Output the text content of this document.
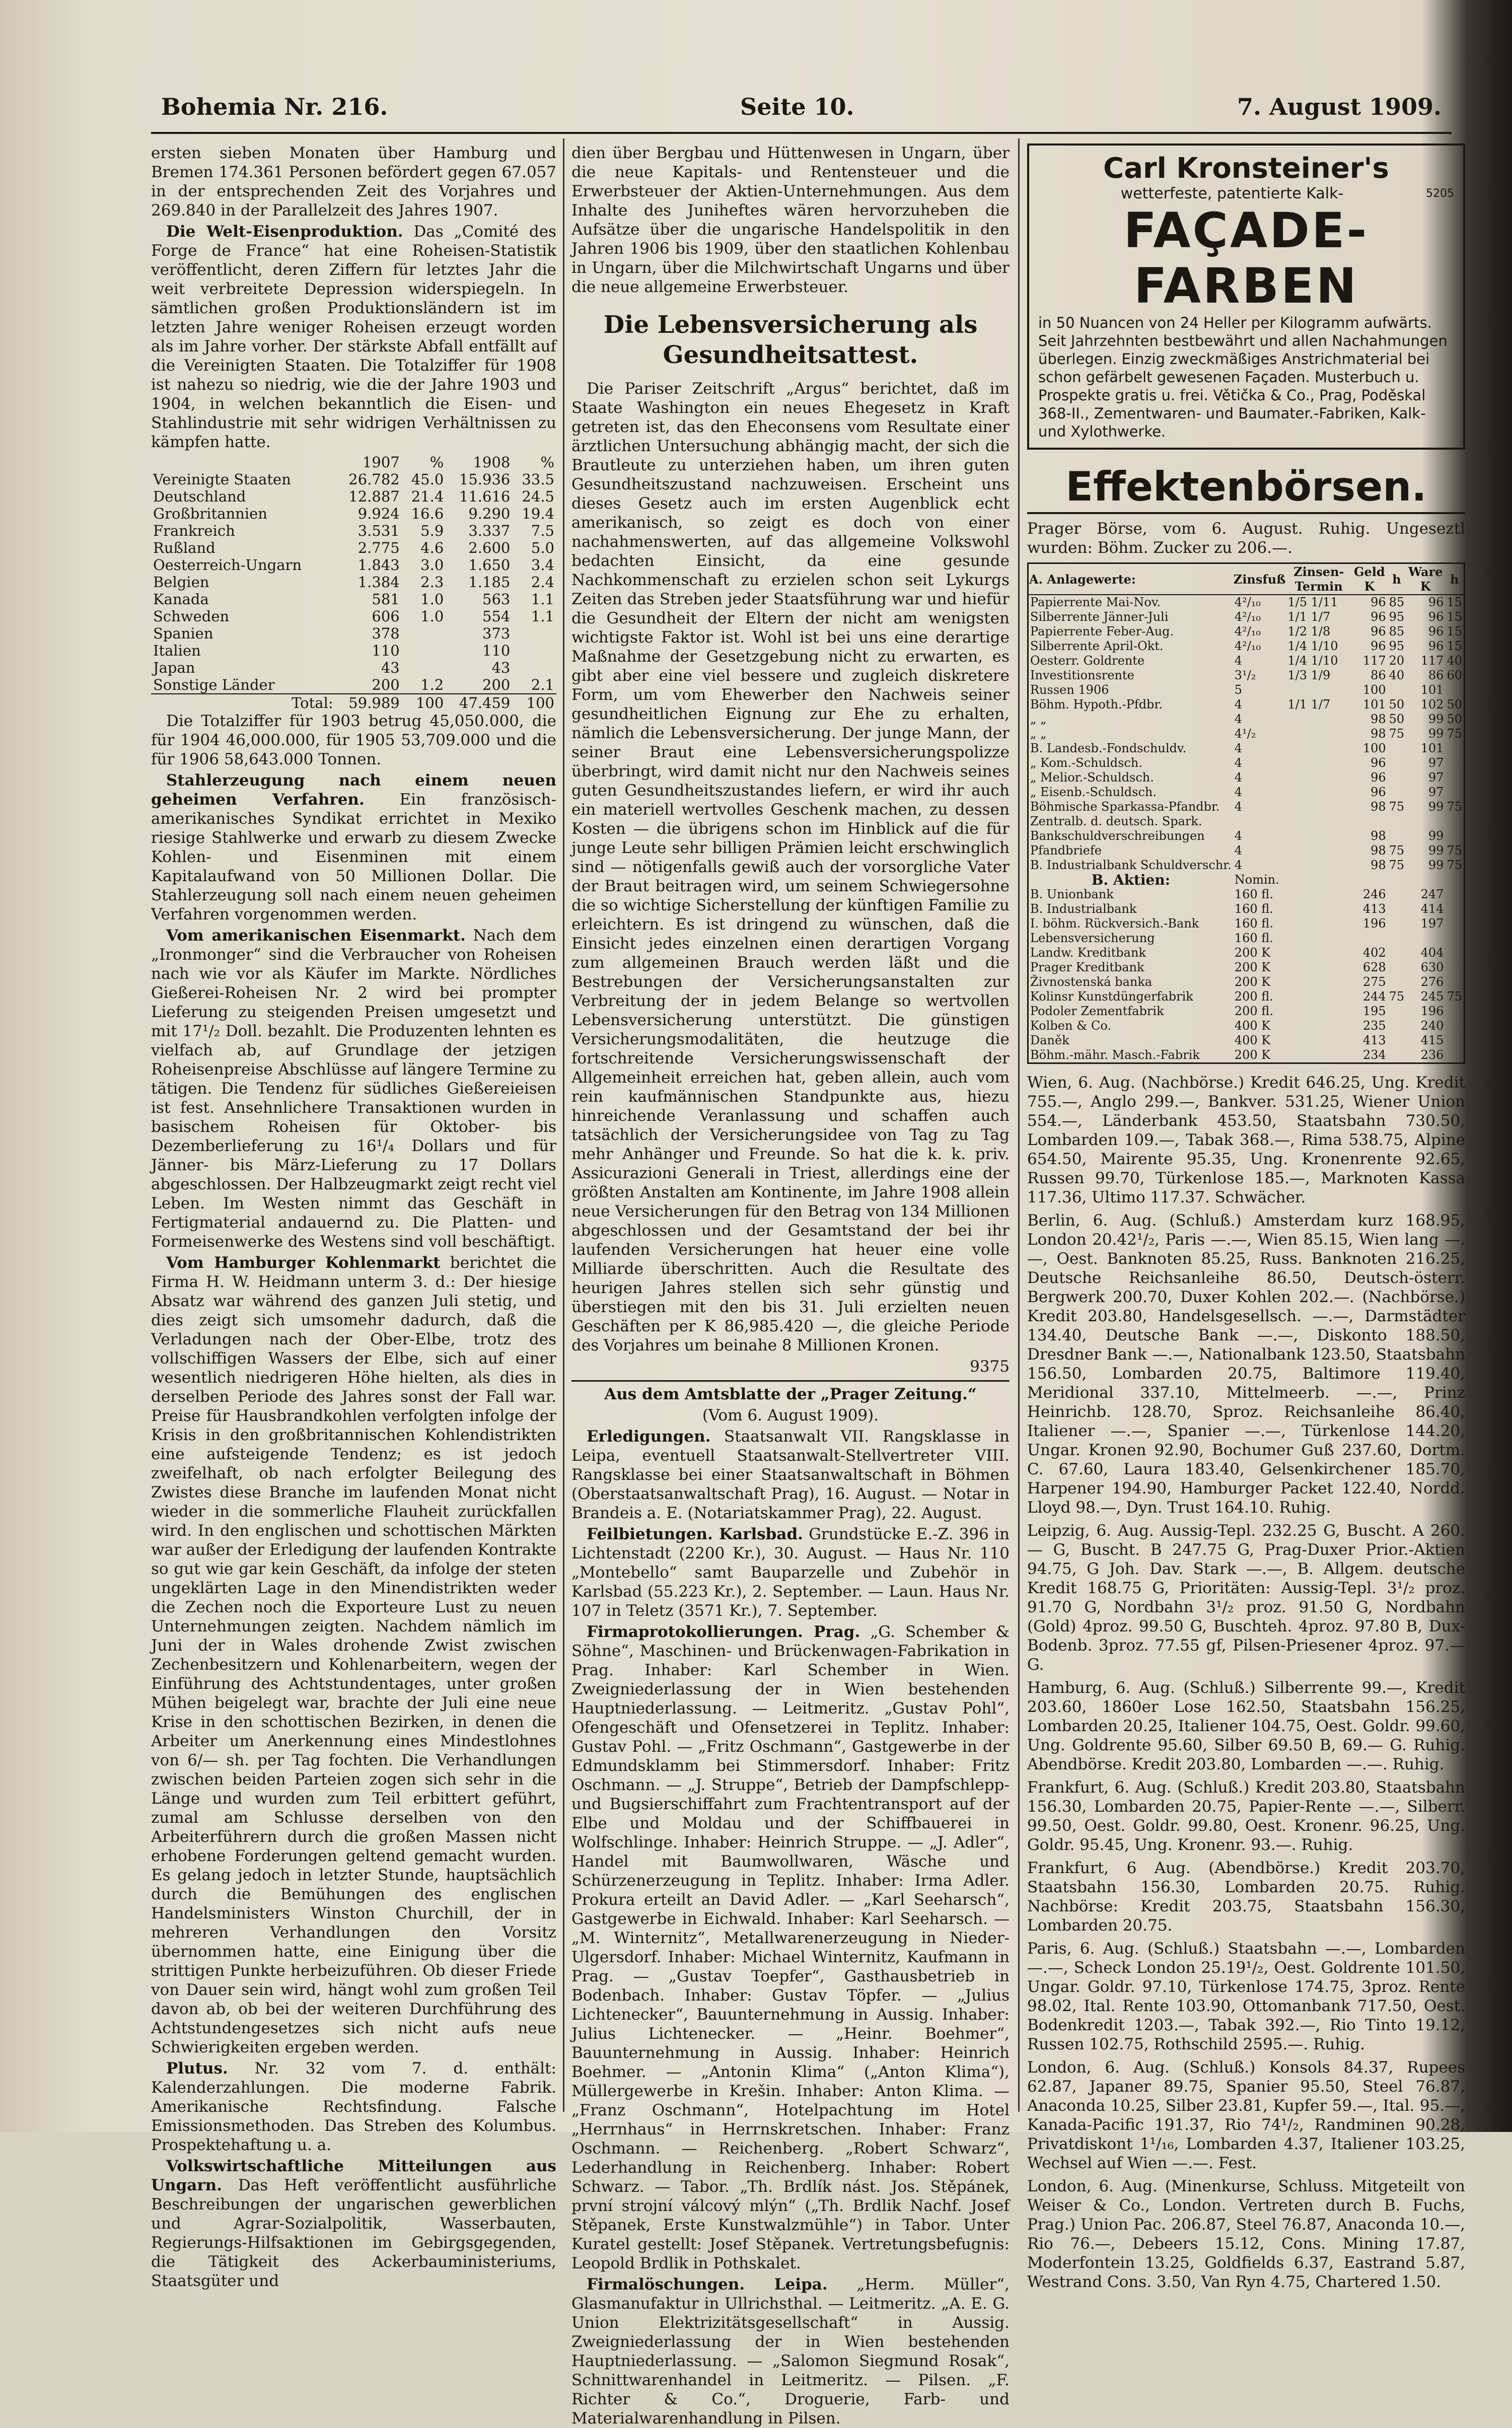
Bohemia Nr. 216.	Seite 10.	7. August 1909.

ersten sieben Monaten über Hamburg und Bremen 174.361 Personen befördert gegen 67.057 in der entsprechenden Zeit des Vorjahres und 269.840 in der Parallelzeit des Jahres 1907.

Die Welt-Eisenproduktion. Das „Comité des Forge de France“ hat eine Roheisen-Statistik veröffentlicht, deren Ziffern für letztes Jahr die weit verbreitete Depression widerspiegeln. In sämtlichen großen Produktionsländern ist im letzten Jahre weniger Roheisen erzeugt worden als im Jahre vorher. Der stärkste Abfall entfällt auf die Vereinigten Staaten. Die Totalziffer für 1908 ist nahezu so niedrig, wie die der Jahre 1903 und 1904, in welchen bekanntlich die Eisen- und Stahlindustrie mit sehr widrigen Verhältnissen zu kämpfen hatte.

	1907	%	1908	%
Vereinigte Staaten	26.782	45.0	15.936	33.5
Deutschland	12.887	21.4	11.616	24.5
Großbritannien	9.924	16.6	9.290	19.4
Frankreich	3.531	5.9	3.337	7.5
Rußland	2.775	4.6	2.600	5.0
Oesterreich-Ungarn	1.843	3.0	1.650	3.4
Belgien	1.384	2.3	1.185	2.4
Kanada	581	1.0	563	1.1
Schweden	606	1.0	554	1.1
Spanien	378		373	
Italien	110		110	
Japan	43		43	
Sonstige Länder	200	1.2	200	2.1
Total:	59.989	100	47.459	100

Die Totalziffer für 1903 betrug 45,050.000, die für 1904 46,000.000, für 1905 53,709.000 und die für 1906 58,643.000 Tonnen.

Stahlerzeugung nach einem neuen geheimen Verfahren. Ein französisch-amerikanisches Syndikat errichtet in Mexiko riesige Stahlwerke und erwarb zu diesem Zwecke Kohlen- und Eisenminen mit einem Kapitalaufwand von 50 Millionen Dollar. Die Stahlerzeugung soll nach einem neuen geheimen Verfahren vorgenommen werden.

Vom amerikanischen Eisenmarkt. Nach dem „Ironmonger“ sind die Verbraucher von Roheisen nach wie vor als Käufer im Markte. Nördliches Gießerei-Roheisen Nr. 2 wird bei prompter Lieferung zu steigenden Preisen umgesetzt und mit 17¹/₂ Doll. bezahlt. Die Produzenten lehnten es vielfach ab, auf Grundlage der jetzigen Roheisenpreise Abschlüsse auf längere Termine zu tätigen. Die Tendenz für südliches Gießereieisen ist fest. Ansehnlichere Transaktionen wurden in basischem Roheisen für Oktober- bis Dezemberlieferung zu 16¹/₄ Dollars und für Jänner- bis März-Lieferung zu 17 Dollars abgeschlossen. Der Halbzeugmarkt zeigt recht viel Leben. Im Westen nimmt das Geschäft in Fertigmaterial andauernd zu. Die Platten- und Formeisenwerke des Westens sind voll beschäftigt.

Vom Hamburger Kohlenmarkt berichtet die Firma H. W. Heidmann unterm 3. d.: Der hiesige Absatz war während des ganzen Juli stetig, und dies zeigt sich umsomehr dadurch, daß die Verladungen nach der Ober-Elbe, trotz des vollschiffigen Wassers der Elbe, sich auf einer wesentlich niedrigeren Höhe hielten, als dies in derselben Periode des Jahres sonst der Fall war. Preise für Hausbrandkohlen verfolgten infolge der Krisis in den großbritannischen Kohlendistrikten eine aufsteigende Tendenz; es ist jedoch zweifelhaft, ob nach erfolgter Beilegung des Zwistes diese Branche im laufenden Monat nicht wieder in die sommerliche Flauheit zurückfallen wird. In den englischen und schottischen Märkten war außer der Erledigung der laufenden Kontrakte so gut wie gar kein Geschäft, da infolge der steten ungeklärten Lage in den Minendistrikten weder die Zechen noch die Exporteure Lust zu neuen Unternehmungen zeigten. Nachdem nämlich im Juni der in Wales drohende Zwist zwischen Zechenbesitzern und Kohlenarbeitern, wegen der Einführung des Achtstundentages, unter großen Mühen beigelegt war, brachte der Juli eine neue Krise in den schottischen Bezirken, in denen die Arbeiter um Anerkennung eines Mindestlohnes von 6/— sh. per Tag fochten. Die Verhandlungen zwischen beiden Parteien zogen sich sehr in die Länge und wurden zum Teil erbittert geführt, zumal am Schlusse derselben von den Arbeiterführern durch die großen Massen nicht erhobene Forderungen geltend gemacht wurden. Es gelang jedoch in letzter Stunde, hauptsächlich durch die Bemühungen des englischen Handelsministers Winston Churchill, der in mehreren Verhandlungen den Vorsitz übernommen hatte, eine Einigung über die strittigen Punkte herbeizuführen. Ob dieser Friede von Dauer sein wird, hängt wohl zum großen Teil davon ab, ob bei der weiteren Durchführung des Achtstundengesetzes sich nicht aufs neue Schwierigkeiten ergeben werden.

Plutus. Nr. 32 vom 7. d. enthält: Kalenderzahlungen. Die moderne Fabrik. Amerikanische Rechtsfindung. Falsche Emissionsmethoden. Das Streben des Kolumbus. Prospektehaftung u. a.

Volkswirtschaftliche Mitteilungen aus Ungarn. Das Heft veröffentlicht ausführliche Beschreibungen der ungarischen gewerblichen und Agrar-Sozialpolitik, Wasserbauten, Regierungs-Hilfsaktionen im Gebirgsgegenden, die Tätigkeit des Ackerbauministeriums, Staatsgüter und

dien über Bergbau und Hüttenwesen in Ungarn, über die neue Kapitals- und Rentensteuer und die Erwerbsteuer der Aktien-Unternehmungen. Aus dem Inhalte des Juniheftes wären hervorzuheben die Aufsätze über die ungarische Handelspolitik in den Jahren 1906 bis 1909, über den staatlichen Kohlenbau in Ungarn, über die Milchwirtschaft Ungarns und über die neue allgemeine Erwerbsteuer.

Die Lebensversicherung als Gesundheitsattest.

Die Pariser Zeitschrift „Argus“ berichtet, daß im Staate Washington ein neues Ehegesetz in Kraft getreten ist, das den Eheconsens vom Resultate einer ärztlichen Untersuchung abhängig macht, der sich die Brautleute zu unterziehen haben, um ihren guten Gesundheitszustand nachzuweisen. Erscheint uns dieses Gesetz auch im ersten Augenblick echt amerikanisch, so zeigt es doch von einer nachahmenswerten, auf das allgemeine Volkswohl bedachten Einsicht, da eine gesunde Nachkommenschaft zu erzielen schon seit Lykurgs Zeiten das Streben jeder Staatsführung war und hiefür die Gesundheit der Eltern der nicht am wenigsten wichtigste Faktor ist. Wohl ist bei uns eine derartige Maßnahme der Gesetzgebung nicht zu erwarten, es gibt aber eine viel bessere und zugleich diskretere Form, um vom Ehewerber den Nachweis seiner gesundheitlichen Eignung zur Ehe zu erhalten, nämlich die Lebensversicherung. Der junge Mann, der seiner Braut eine Lebensversicherungspolizze überbringt, wird damit nicht nur den Nachweis seines guten Gesundheitszustandes liefern, er wird ihr auch ein materiell wertvolles Geschenk machen, zu dessen Kosten — die übrigens schon im Hinblick auf die für junge Leute sehr billigen Prämien leicht erschwinglich sind — nötigenfalls gewiß auch der vorsorgliche Vater der Braut beitragen wird, um seinem Schwiegersohne die so wichtige Sicherstellung der künftigen Familie zu erleichtern. Es ist dringend zu wünschen, daß die Einsicht jedes einzelnen einen derartigen Vorgang zum allgemeinen Brauch werden läßt und die Bestrebungen der Versicherungsanstalten zur Verbreitung der in jedem Belange so wertvollen Lebensversicherung unterstützt. Die günstigen Versicherungsmodalitäten, die heutzuge die fortschreitende Versicherungswissenschaft der Allgemeinheit erreichen hat, geben allein, auch vom rein kaufmännischen Standpunkte aus, hiezu hinreichende Veranlassung und schaffen auch tatsächlich der Versicherungsidee von Tag zu Tag mehr Anhänger und Freunde. So hat die k. k. priv. Assicurazioni Generali in Triest, allerdings eine der größten Anstalten am Kontinente, im Jahre 1908 allein neue Versicherungen für den Betrag von 134 Millionen abgeschlossen und der Gesamtstand der bei ihr laufenden Versicherungen hat heuer eine volle Milliarde überschritten. Auch die Resultate des heurigen Jahres stellen sich sehr günstig und überstiegen mit den bis 31. Juli erzielten neuen Geschäften per K 86,985.420 —, die gleiche Periode des Vorjahres um beinahe 8 Millionen Kronen.

9375

Aus dem Amtsblatte der „Prager Zeitung.“

(Vom 6. August 1909).

Erledigungen. Staatsanwalt VII. Rangsklasse in Leipa, eventuell Staatsanwalt-Stellvertreter VIII. Rangsklasse bei einer Staatsanwaltschaft in Böhmen (Oberstaatsanwaltschaft Prag), 16. August. — Notar in Brandeis a. E. (Notariatskammer Prag), 22. August.

Feilbietungen. Karlsbad. Grundstücke E.-Z. 396 in Lichtenstadt (2200 Kr.), 30. August. — Haus Nr. 110 „Montebello“ samt Bauparzelle und Zubehör in Karlsbad (55.223 Kr.), 2. September. — Laun. Haus Nr. 107 in Teletz (3571 Kr.), 7. September.

Firmaprotokollierungen. Prag. „G. Schember & Söhne“, Maschinen- und Brückenwagen-Fabrikation in Prag. Inhaber: Karl Schember in Wien. Zweigniederlassung der in Wien bestehenden Hauptniederlassung. — Leitmeritz. „Gustav Pohl“, Ofengeschäft und Ofensetzerei in Teplitz. Inhaber: Gustav Pohl. — „Fritz Oschmann“, Gastgewerbe in der Edmundsklamm bei Stimmersdorf. Inhaber: Fritz Oschmann. — „J. Struppe“, Betrieb der Dampfschlepp- und Bugsierschiffahrt zum Frachtentransport auf der Elbe und Moldau und der Schiffbauerei in Wolfschlinge. Inhaber: Heinrich Struppe. — „J. Adler“, Handel mit Baumwollwaren, Wäsche und Schürzenerzeugung in Teplitz. Inhaber: Irma Adler. Prokura erteilt an David Adler. — „Karl Seeharsch“, Gastgewerbe in Eichwald. Inhaber: Karl Seeharsch. — „M. Winternitz“, Metallwarenerzeugung in Nieder-Ulgersdorf. Inhaber: Michael Winternitz, Kaufmann in Prag. — „Gustav Toepfer“, Gasthausbetrieb in Bodenbach. Inhaber: Gustav Töpfer. — „Julius Lichtenecker“, Bauunternehmung in Aussig. Inhaber: Julius Lichtenecker. — „Heinr. Boehmer“, Bauunternehmung in Aussig. Inhaber: Heinrich Boehmer. — „Antonin Klima“ („Anton Klima“), Müllergewerbe in Krešin. Inhaber: Anton Klima. — „Franz Oschmann“, Hotelpachtung im Hotel „Herrnhaus“ in Herrnskretschen. Inhaber: Franz Oschmann. — Reichenberg. „Robert Schwarz“, Lederhandlung in Reichenberg. Inhaber: Robert Schwarz. — Tabor. „Th. Brdlík nást. Jos. Stěpánek, první strojní válcový mlýn“ („Th. Brdlik Nachf. Josef Stěpanek, Erste Kunstwalzmühle“) in Tabor. Unter Kuratel gestellt: Josef Stěpanek. Vertretungsbefugnis: Leopold Brdlik in Pothskalet.

Firmalöschungen. Leipa. „Herm. Müller“, Glasmanufaktur in Ullrichsthal. — Leitmeritz. „A. E. G. Union Elektrizitätsgesellschaft“ in Aussig. Zweigniederlassung der in Wien bestehenden Hauptniederlassung. — „Salomon Siegmund Rosak“, Schnittwarenhandel in Leitmeritz. — Pilsen. „F. Richter & Co.“, Droguerie, Farb- und Materialwarenhandlung in Pilsen.

Carl Kronsteiner's
wetterfeste, patentierte Kalk-	5205
FAÇADE-FARBEN
in 50 Nuancen von 24 Heller per Kilogramm aufwärts. Seit Jahrzehnten bestbewährt und allen Nachahmungen überlegen. Einzig zweckmäßiges Anstrichmaterial bei schon gefärbelt gewesenen Façaden. Musterbuch u. Prospekte gratis u. frei. Větička & Co., Prag, Poděskal 368-II., Zementwaren- und Baumater.-Fabriken, Kalk- und Xylothwerke.
Effektenbörsen.

Prager Börse, vom 6. August. Ruhig. Ungeseztl wurden: Böhm. Zucker zu 206.—.

A. Anlagewerte:	Zinsfuß	Zinsen-Termin	Geld K	h	Ware K	h
Papierrente Mai-Nov.	4²/₁₀	1/5 1/11	96	85	96	15
Silberrente Jänner-Juli	4²/₁₀	1/1 1/7	96	95	96	15
Papierrente Feber-Aug.	4²/₁₀	1/2 1/8	96	85	96	15
Silberrente April-Okt.	4²/₁₀	1/4 1/10	96	95	96	15
Oesterr. Goldrente	4	1/4 1/10	117	20	117	40
Investitionsrente	3¹/₂	1/3 1/9	86	40	86	60
Russen 1906	5		100		101	
Böhm. Hypoth.-Pfdbr.	4	1/1 1/7	101	50	102	50
„ „	4		98	50	99	50
„ „	4¹/₂		98	75	99	75
B. Landesb.-Fondschuldv.	4		100		101	
„ Kom.-Schuldsch.	4		96		97	
„ Melior.-Schuldsch.	4		96		97	
„ Eisenb.-Schuldsch.	4		96		97	
Böhmische Sparkassa-Pfandbr.	4		98	75	99	75
Zentralb. d. deutsch. Spark.						
Bankschuldverschreibungen	4		98		99	
Pfandbriefe	4		98	75	99	75
B. Industrialbank Schuldverschr.	4		98	75	99	75
B. Aktien:	Nomin.					
B. Unionbank	160 fl.		246		247	
B. Industrialbank	160 fl.		413		414	
I. böhm. Rückversich.-Bank	160 fl.		196		197	
Lebensversicherung	160 fl.					
Landw. Kreditbank	200 K		402		404	
Prager Kreditbank	200 K		628		630	
Živnostenská banka	200 K		275		276	
Kolinsr Kunstdüngerfabrik	200 fl.		244	75	245	75
Podoler Zementfabrik	200 fl.		195		196	
Kolben & Co.	400 K		235		240	
Daněk	400 K		413		415	
Böhm.-mähr. Masch.-Fabrik	200 K		234		236	

Wien, 6. Aug. (Nachbörse.) Kredit 646.25, Ung. Kredit 755.—, Anglo 299.—, Bankver. 531.25, Wiener Union 554.—, Länderbank 453.50, Staatsbahn 730.50, Lombarden 109.—, Tabak 368.—, Rima 538.75, Alpine 654.50, Mairente 95.35, Ung. Kronenrente 92.65, Russen 99.70, Türkenlose 185.—, Marknoten Kassa 117.36, Ultimo 117.37. Schwächer.

Berlin, 6. Aug. (Schluß.) Amsterdam kurz 168.95, London 20.42¹/₂, Paris —.—, Wien 85.15, Wien lang —.—, Oest. Banknoten 85.25, Russ. Banknoten 216.25, Deutsche Reichsanleihe 86.50, Deutsch-österr. Bergwerk 200.70, Duxer Kohlen 202.—. (Nachbörse.) Kredit 203.80, Handelsgesellsch. —.—, Darmstädter 134.40, Deutsche Bank —.—, Diskonto 188.50, Dresdner Bank —.—, Nationalbank 123.50, Staatsbahn 156.50, Lombarden 20.75, Baltimore 119.40, Meridional 337.10, Mittelmeerb. —.—, Prinz Heinrichb. 128.70, Sproz. Reichsanleihe 86.40, Italiener —.—, Spanier —.—, Türkenlose 144.20, Ungar. Kronen 92.90, Bochumer Guß 237.60, Dortm. C. 67.60, Laura 183.40, Gelsenkirchener 185.70, Harpener 194.90, Hamburger Packet 122.40, Nordd. Lloyd 98.—, Dyn. Trust 164.10. Ruhig.

Leipzig, 6. Aug. Aussig-Tepl. 232.25 G, Buscht. A 260.— G, Buscht. B 247.75 G, Prag-Duxer Prior.-Aktien 94.75, G Joh. Dav. Stark —.—, B. Allgem. deutsche Kredit 168.75 G, Prioritäten: Aussig-Tepl. 3¹/₂ proz. 91.70 G, Nordbahn 3¹/₂ proz. 91.50 G, Nordbahn (Gold) 4proz. 99.50 G, Buschteh. 4proz. 97.80 B, Dux-Bodenb. 3proz. 77.55 gf, Pilsen-Priesener 4proz. 97.— G.

Hamburg, 6. Aug. (Schluß.) Silberrente 99.—, Kredit 203.60, 1860er Lose 162.50, Staatsbahn 156.25, Lombarden 20.25, Italiener 104.75, Oest. Goldr. 99.60, Ung. Goldrente 95.60, Silber 69.50 B, 69.— G. Ruhig. Abendbörse. Kredit 203.80, Lombarden —.—. Ruhig.

Frankfurt, 6. Aug. (Schluß.) Kredit 203.80, Staatsbahn 156.30, Lombarden 20.75, Papier-Rente —.—, Silberr. 99.50, Oest. Goldr. 99.80, Oest. Kronenr. 96.25, Ung. Goldr. 95.45, Ung. Kronenr. 93.—. Ruhig.

Frankfurt, 6 Aug. (Abendbörse.) Kredit 203.70, Staatsbahn 156.30, Lombarden 20.75. Ruhig. Nachbörse: Kredit 203.75, Staatsbahn 156.30, Lombarden 20.75.

Paris, 6. Aug. (Schluß.) Staatsbahn —.—, Lombarden —.—, Scheck London 25.19¹/₂, Oest. Goldrente 101.50, Ungar. Goldr. 97.10, Türkenlose 174.75, 3proz. Rente 98.02, Ital. Rente 103.90, Ottomanbank 717.50, Oest. Bodenkredit 1203.—, Tabak 392.—, Rio Tinto 19.12, Russen 102.75, Rothschild 2595.—. Ruhig.

London, 6. Aug. (Schluß.) Konsols 84.37, Rupees 62.87, Japaner 89.75, Spanier 95.50, Steel 76.87, Anaconda 10.25, Silber 23.81, Kupfer 59.—, Ital. 95.—, Kanada-Pacific 191.37, Rio 74¹/₂, Randminen 90.28, Privatdiskont 1¹/₁₆, Lombarden 4.37, Italiener 103.25, Wechsel auf Wien —.—. Fest.

London, 6. Aug. (Minenkurse, Schluss. Mitgeteilt von Weiser & Co., London. Vertreten durch B. Fuchs, Prag.) Union Pac. 206.87, Steel 76.87, Anaconda 10.—, Rio 76.—, Debeers 15.12, Cons. Mining 17.87, Moderfontein 13.25, Goldfields 6.37, Eastrand 5.87, Westrand Cons. 3.50, Van Ryn 4.75, Chartered 1.50.
